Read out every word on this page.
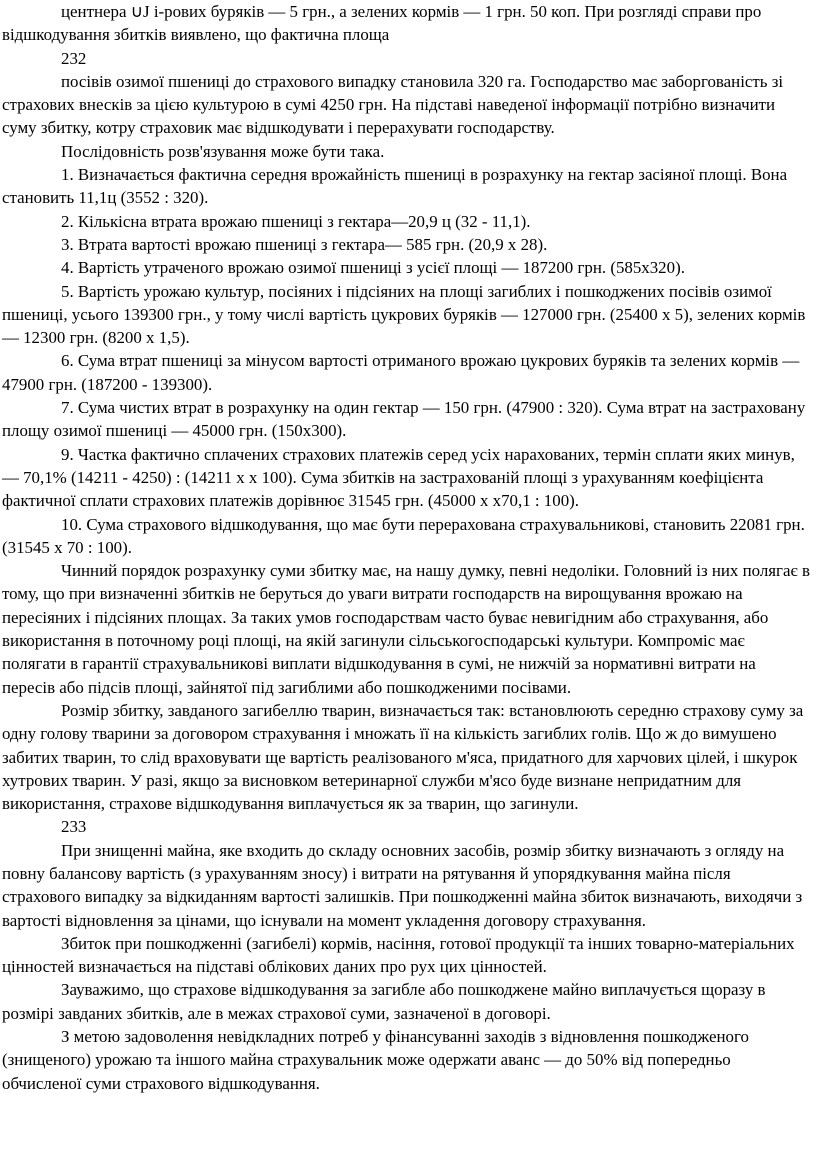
центнера ∪J і-рових буряків — 5 грн., а зелених кормів — 1 грн. 50 коп. При розгляді справи про відшкодування збитків виявлено, що фактична площа

232

посівів озимої пшениці до страхового випадку становила 320 га. Господарство має заборгованість зі страхових внесків за цією культурою в сумі 4250 грн. На підставі наведеної інформації потрібно визначити суму збитку, котру страховик має відшкодувати і перерахувати господарству.

Послідовність розв'язування може бути така.

1. Визначається фактична середня врожайність пшениці в розрахунку на гектар засіяної площі. Вона становить 11,1ц (3552 : 320).

2. Кількісна втрата врожаю пшениці з гектара—20,9 ц (32 - 11,1).

3. Втрата вартості врожаю пшениці з гектара— 585 грн. (20,9 х 28).

4. Вартість утраченого врожаю озимої пшениці з усієї площі — 187200 грн. (585x320).

5. Вартість урожаю культур, посіяних і підсіяних на площі загиблих і пошкоджених посівів озимої пшениці, усього 139300 грн., у тому числі вартість цукрових буряків — 127000 грн. (25400 х 5), зелених кормів — 12300 грн. (8200 х 1,5).

6. Сума втрат пшениці за мінусом вартості отриманого врожаю цукрових буряків та зелених кормів — 47900 грн. (187200 - 139300).

7. Сума чистих втрат в розрахунку на один гектар — 150 грн. (47900 : 320). Сума втрат на застраховану площу озимої пшениці — 45000 грн. (150x300).

9. Частка фактично сплачених страхових платежів серед усіх нарахованих, термін сплати яких минув, — 70,1% (14211 - 4250) : (14211 х х 100). Сума збитків на застрахованій площі з урахуванням коефіцієнта фактичної сплати страхових платежів дорівнює 31545 грн. (45000 х х70,1 : 100).

10. Сума страхового відшкодування, що має бути перерахована страхувальникові, становить 22081 грн. (31545 х 70 : 100).

Чинний порядок розрахунку суми збитку має, на нашу думку, певні недоліки. Головний із них полягає в тому, що при визначенні збитків не беруться до уваги витрати господарств на вирощування врожаю на пересіяних і підсіяних площах. За таких умов господарствам часто буває невигідним або страхування, або використання в поточному році площі, на якій загинули сільськогосподарські культури. Компроміс має полягати в гарантії страхувальникові виплати відшкодування в сумі, не нижчій за нормативні витрати на пересів або підсів площі, зайнятої під загиблими або пошкодженими посівами.

Розмір збитку, завданого загибеллю тварин, визначається так: встановлюють середню страхову суму за одну голову тварини за договором страхування і множать її на кількість загиблих голів. Що ж до вимушено забитих тварин, то слід враховувати ще вартість реалізованого м'яса, придатного для харчових цілей, і шкурок хутрових тварин. У разі, якщо за висновком ветеринарної служби м'ясо буде визнане непридатним для використання, страхове відшкодування виплачується як за тварин, що загинули.

233

При знищенні майна, яке входить до складу основних засобів, розмір збитку визначають з огляду на повну балансову вартість (з урахуванням зносу) і витрати на рятування й упорядкування майна після страхового випадку за відкиданням вартості залишків. При пошкодженні майна збиток визначають, виходячи з вартості відновлення за цінами, що існували на момент укладення договору страхування.

Збиток при пошкодженні (загибелі) кормів, насіння, готової продукції та інших товарно-матеріальних цінностей визначається на підставі облікових даних про рух цих цінностей.

Зауважимо, що страхове відшкодування за загибле або пошкоджене майно виплачується щоразу в розмірі завданих збитків, але в межах страхової суми, зазначеної в договорі.

З метою задоволення невідкладних потреб у фінансуванні заходів з відновлення пошкодженого (знищеного) урожаю та іншого майна страхувальник може одержати аванс — до 50% від попередньо обчисленої суми страхового відшкодування.
